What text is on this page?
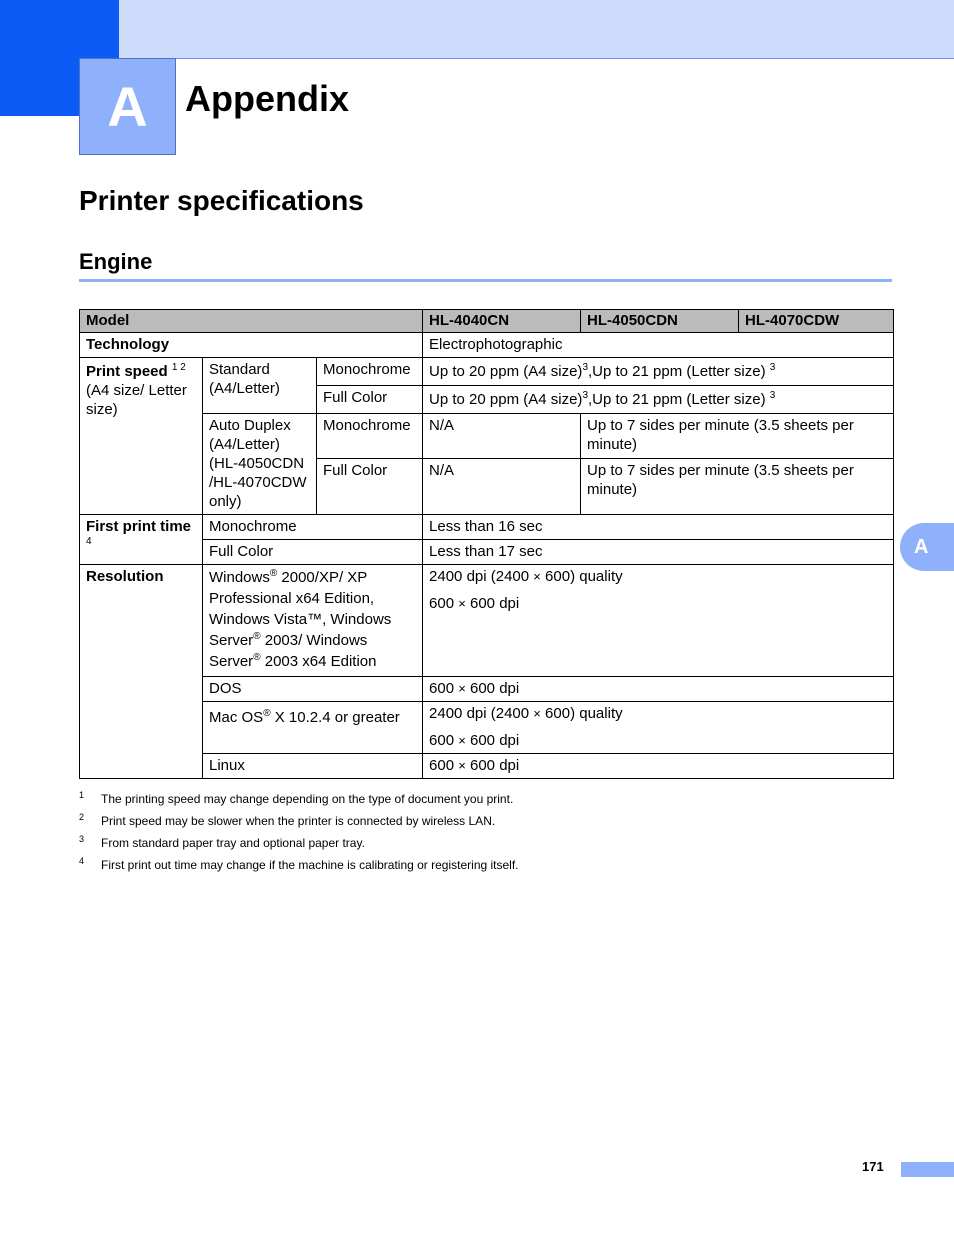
A Appendix
Printer specifications
Engine
Model			HL-4040CN	HL-4050CDN	HL-4070CDW
Technology			Electrophotographic		
Print speed $^{1 2}$
(A4 size/ Letter size)	Standard (A4/Letter)	Monochrome	Up to 20 ppm (A4 size)$^3$,Up to 21 ppm (Letter size) $^3$
		Full Color	Up to 20 ppm (A4 size)$^3$,Up to 21 ppm (Letter size) $^3$
	Auto Duplex (A4/Letter) (HL-4050CDN /HL-4070CDW only)	Monochrome	N/A	Up to 7 sides per minute (3.5 sheets per minute)	
		Full Color	N/A	Up to 7 sides per minute (3.5 sheets per minute)	
First print time $^4$	Monochrome		Less than 16 sec		
	Full Color		Less than 17 sec		
Resolution	Windows® 2000/XP/ XP Professional x64 Edition, Windows Vista™, Windows Server® 2003/ Windows Server® 2003 x64 Edition		2400 dpi (2400 × 600) quality
600 × 600 dpi		

	DOS		600 × 600 dpi		
	Mac OS® X 10.2.4 or greater		2400 dpi (2400 × 600) quality
600 × 600 dpi		

	Linux		600 × 600 dpi		
1 The printing speed may change depending on the type of document you print.
2 Print speed may be slower when the printer is connected by wireless LAN.
3 From standard paper tray and optional paper tray.
4 First print out time may change if the machine is calibrating or registering itself.
A
171
